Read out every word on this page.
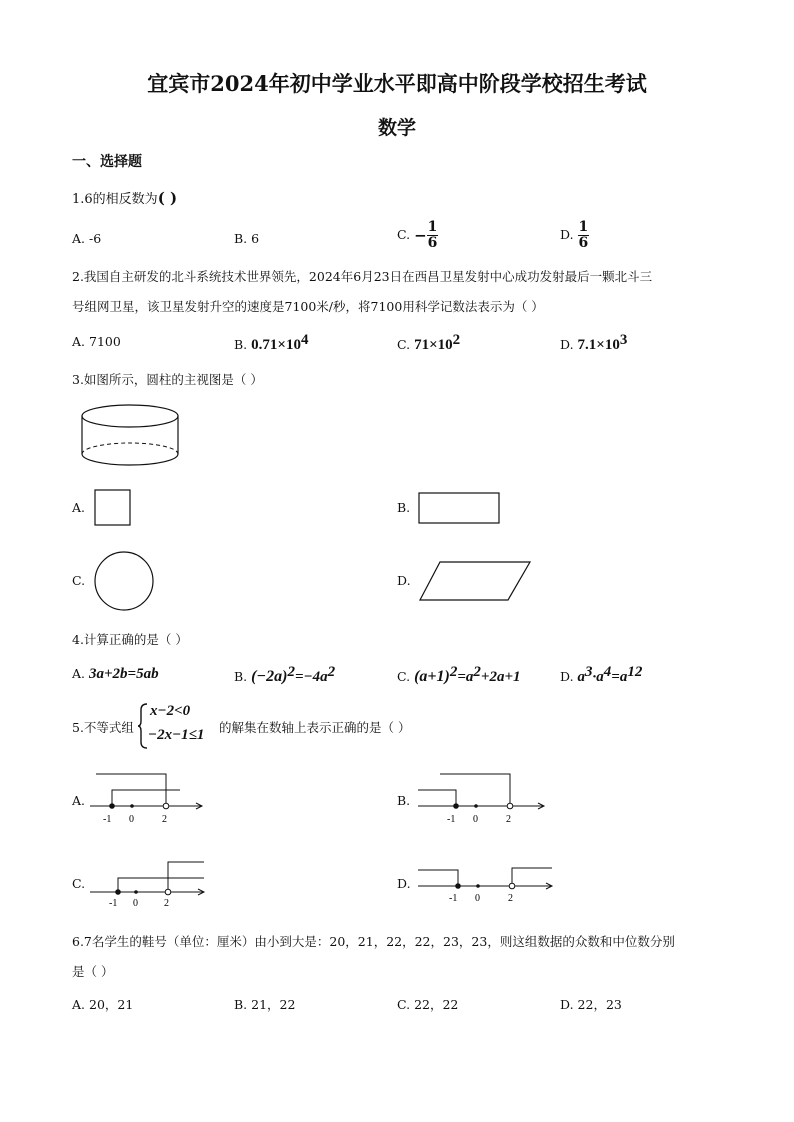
宜宾市2024年初中学业水平即高中阶段学校招生考试
数学
一、选择题
1.6的相反数为( )
A. -6	B. 6	C. − $\frac{1}{6}$	D. $\frac{1}{6}$
2.我国自主研发的北斗系统技术世界领先，2024年6月23日在西昌卫星发射中心成功发射最后一颗北斗三
号组网卫星，该卫星发射升空的速度是7100米/秒，将7100用科学记数法表示为（ ）
A. 7100	B. $0.71\times 10^4$	C. $71\times 10^2$	D. $7.1\times 10^3$
3.如图所示，圆柱的主视图是（ ）
A.	B.
C.	D.
4.计算正确的是（ ）
A. 3a+2b=5ab	B. $(-2a)^2=-4a^2$	C. $(a+1)^2=a^2+2a+1$	D. $a^3\cdot a^4=a^{12}$
5.不等式组
x−2<0
−2x−1≤1 的解集在数轴上表示正确的是（ ）
A.
-1 0	2
B.
-1 0	2
C.
-1 0	2
D.
-1 0	2
6.7名学生的鞋号（单位：厘米）由小到大是：20，21，22，22，23，23，则这组数据的众数和中位数分别
是（ ）
A. 20，21	B. 21，22	C. 22，22	D. 22，23
